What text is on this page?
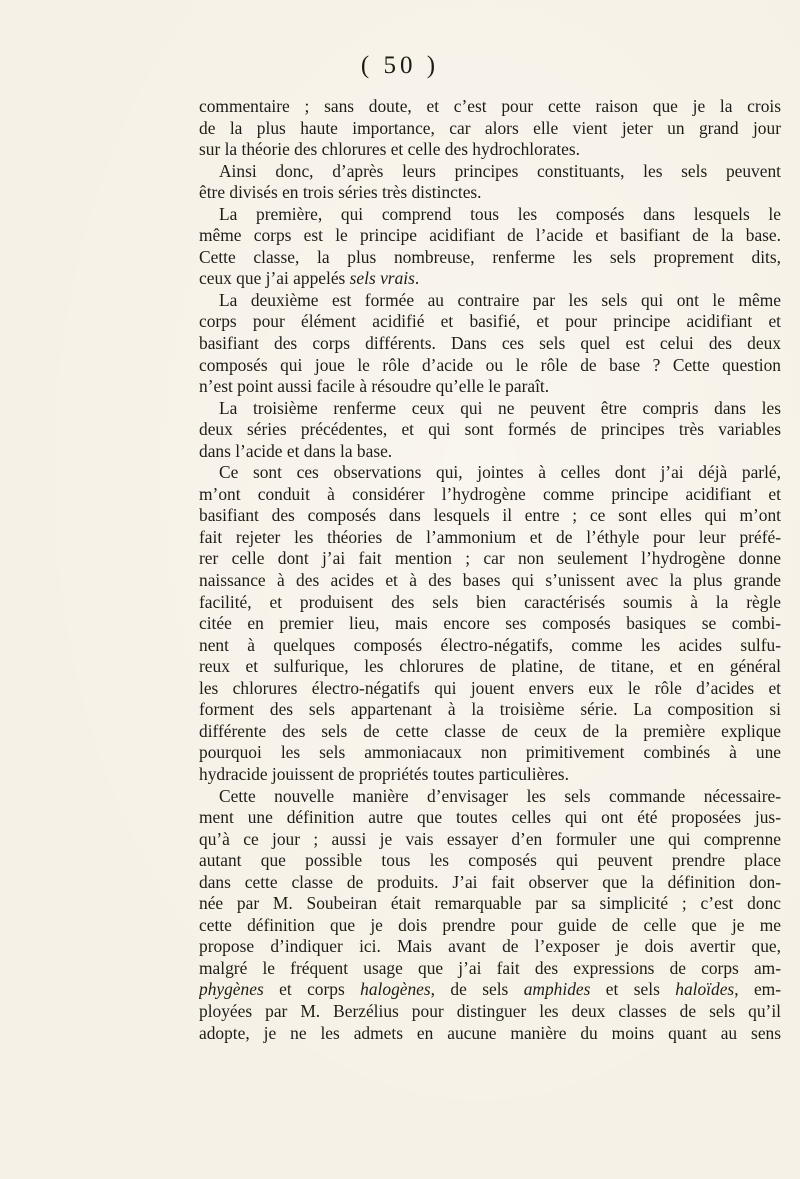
( 50 )
commentaire ; sans doute, et c’est pour cette raison que je la crois
de la plus haute importance, car alors elle vient jeter un grand jour
sur la théorie des chlorures et celle des hydrochlorates.
Ainsi donc, d’après leurs principes constituants, les sels peuvent
être divisés en trois séries très distinctes.
La première, qui comprend tous les composés dans lesquels le
même corps est le principe acidifiant de l’acide et basifiant de la base.
Cette classe, la plus nombreuse, renferme les sels proprement dits,
ceux que j’ai appelés sels vrais.
La deuxième est formée au contraire par les sels qui ont le même
corps pour élément acidifié et basifié, et pour principe acidifiant et
basifiant des corps différents. Dans ces sels quel est celui des deux
composés qui joue le rôle d’acide ou le rôle de base ? Cette question
n’est point aussi facile à résoudre qu’elle le paraît.
La troisième renferme ceux qui ne peuvent être compris dans les
deux séries précédentes, et qui sont formés de principes très variables
dans l’acide et dans la base.
Ce sont ces observations qui, jointes à celles dont j’ai déjà parlé,
m’ont conduit à considérer l’hydrogène comme principe acidifiant et
basifiant des composés dans lesquels il entre ; ce sont elles qui m’ont
fait rejeter les théories de l’ammonium et de l’éthyle pour leur préfé-
rer celle dont j’ai fait mention ; car non seulement l’hydrogène donne
naissance à des acides et à des bases qui s’unissent avec la plus grande
facilité, et produisent des sels bien caractérisés soumis à la règle
citée en premier lieu, mais encore ses composés basiques se combi-
nent à quelques composés électro-négatifs, comme les acides sulfu-
reux et sulfurique, les chlorures de platine, de titane, et en général
les chlorures électro-négatifs qui jouent envers eux le rôle d’acides et
forment des sels appartenant à la troisième série. La composition si
différente des sels de cette classe de ceux de la première explique
pourquoi les sels ammoniacaux non primitivement combinés à une
hydracide jouissent de propriétés toutes particulières.
Cette nouvelle manière d’envisager les sels commande nécessaire-
ment une définition autre que toutes celles qui ont été proposées jus-
qu’à ce jour ; aussi je vais essayer d’en formuler une qui comprenne
autant que possible tous les composés qui peuvent prendre place
dans cette classe de produits. J’ai fait observer que la définition don-
née par M. Soubeiran était remarquable par sa simplicité ; c’est donc
cette définition que je dois prendre pour guide de celle que je me
propose d’indiquer ici. Mais avant de l’exposer je dois avertir que,
malgré le fréquent usage que j’ai fait des expressions de corps am-
phygènes et corps halogènes, de sels amphides et sels haloïdes, em-
ployées par M. Berzélius pour distinguer les deux classes de sels qu’il
adopte, je ne les admets en aucune manière du moins quant au sens
